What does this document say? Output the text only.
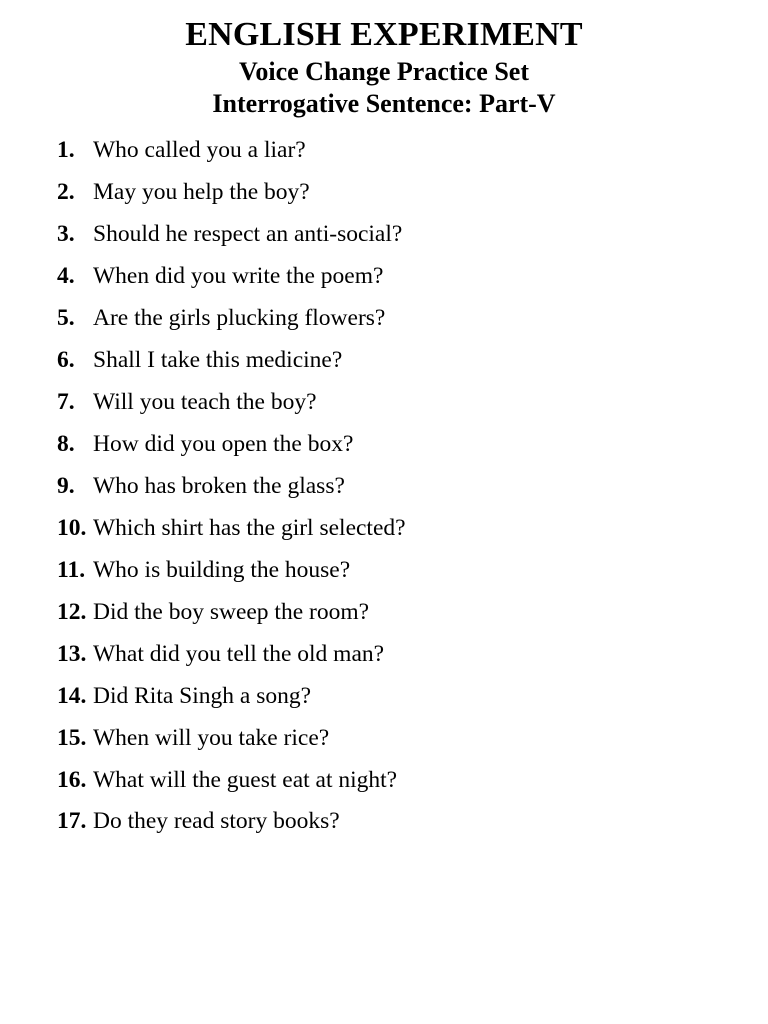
ENGLISH EXPERIMENT
Voice Change Practice Set
Interrogative Sentence: Part-V
1. Who called you a liar?
2. May you help the boy?
3. Should he respect an anti-social?
4. When did you write the poem?
5. Are the girls plucking flowers?
6. Shall I take this medicine?
7. Will you teach the boy?
8. How did you open the box?
9. Who has broken the glass?
10. Which shirt has the girl selected?
11. Who is building the house?
12. Did the boy sweep the room?
13. What did you tell the old man?
14. Did Rita Singh a song?
15. When will you take rice?
16. What will the guest eat at night?
17. Do they read story books?
